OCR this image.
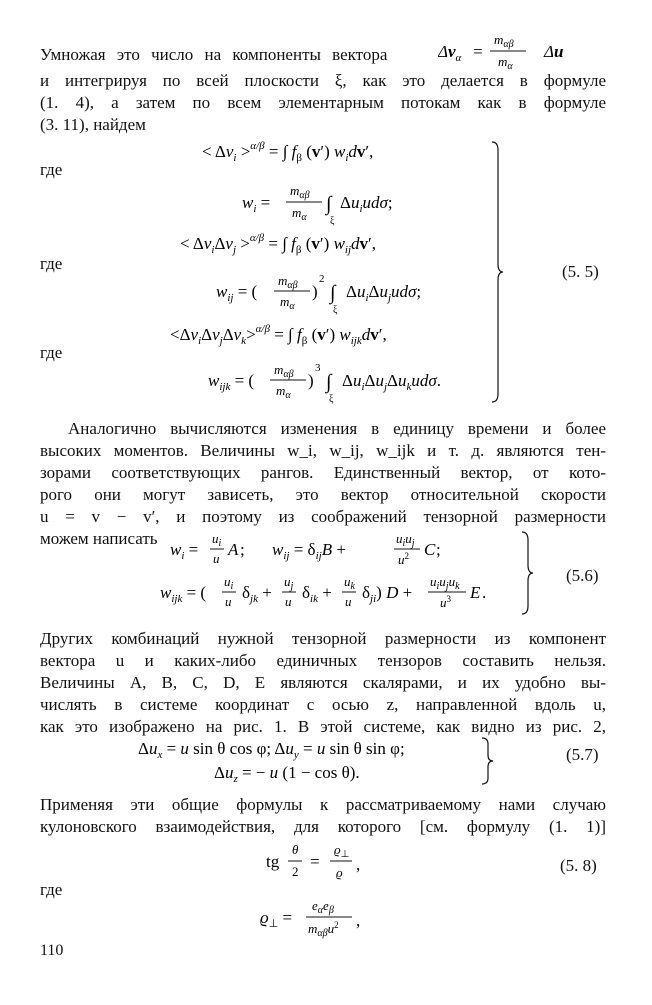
Умножая это число на компоненты вектора	$\Delta v_\alpha$ =
$m_{\alpha\beta}$
$m_\alpha$
Δu
и интегрируя по всей плоскости ξ, как это делается в формуле
(1. 4), а затем по всем элементарным потокам как в формуле
(3. 11), найдем
где
где
где
< $\Delta v_i >^{\alpha/\beta}$ = ∫ $f_\beta$ (v′) $w_idv'$,
$w_i$ =
$m_{\alpha\beta}$
$m_\alpha$
∫
ξ
$\Delta u_iud\sigma$;
< $\Delta v_i\Delta v_j >^{\alpha/\beta}$ = ∫ $f_\beta$ (v′) $w_{ij}dv'$,
$w_{ij}$ = (
$m_{\alpha\beta}$
$m_\alpha$
)
2
∫
ξ
$\Delta u_i\Delta u_jud\sigma$;
$<\Delta v_i\Delta v_j\Delta v_k>^{\alpha/\beta}$ = ∫ $f_\beta$ (v′) $w_{ijk}dv'$,
$w_{ijk}$ = (
$m_{\alpha\beta}$
$m_\alpha$
)
3
∫
ξ
$\Delta u_i\Delta u_j\Delta u_kud\sigma$.
(5. 5)
Аналогично вычисляются изменения в единицу времени и более
высоких моментов. Величины w_i, w_ij, w_ijk и т. д. являются тен-
зорами соответствующих рангов. Единственный вектор, от кото-
рого они могут зависеть, это вектор относительной скорости
u = v − v′, и поэтому из соображений тензорной размерности
можем написать
$w_i$ =
$u_i$
u A ; $w_{ij} = \delta_{ij}B$ +
$u_iu_j$
$u^2$ C ;
$w_{ijk}$ = (
$u_i$
u $\delta_{jk}$ +
$u_j$
u $\delta_{ik}$ +
$u_k$
u $\delta_{ji}$) D +
$u_iu_ju_k$
$u^3$ E .
(5.6)
Других комбинаций нужной тензорной размерности из компонент
вектора u и каких-либо единичных тензоров составить нельзя.
Величины A, B, C, D, E являются скалярами, и их удобно вы-
числять в системе координат с осью z, направленной вдоль u,
как это изображено на рис. 1. В этой системе, как видно из рис. 2,
$\Delta u_x = u$ sin θ cos φ; $\Delta u_y = u$ sin θ sin φ;
$\Delta u_z$ = − u (1 − cos θ).
(5.7)
Применяя эти общие формулы к рассматриваемому нами случаю
кулоновского взаимодействия, для которого [см. формулу (1. 1)]
tg
θ
2
=
$ϱ_\perp$
ϱ ,	(5. 8)
где
$ϱ_\perp$ =
$e_\alpha e_\beta$
$m_{\alpha\beta}u^2$ ,
110
